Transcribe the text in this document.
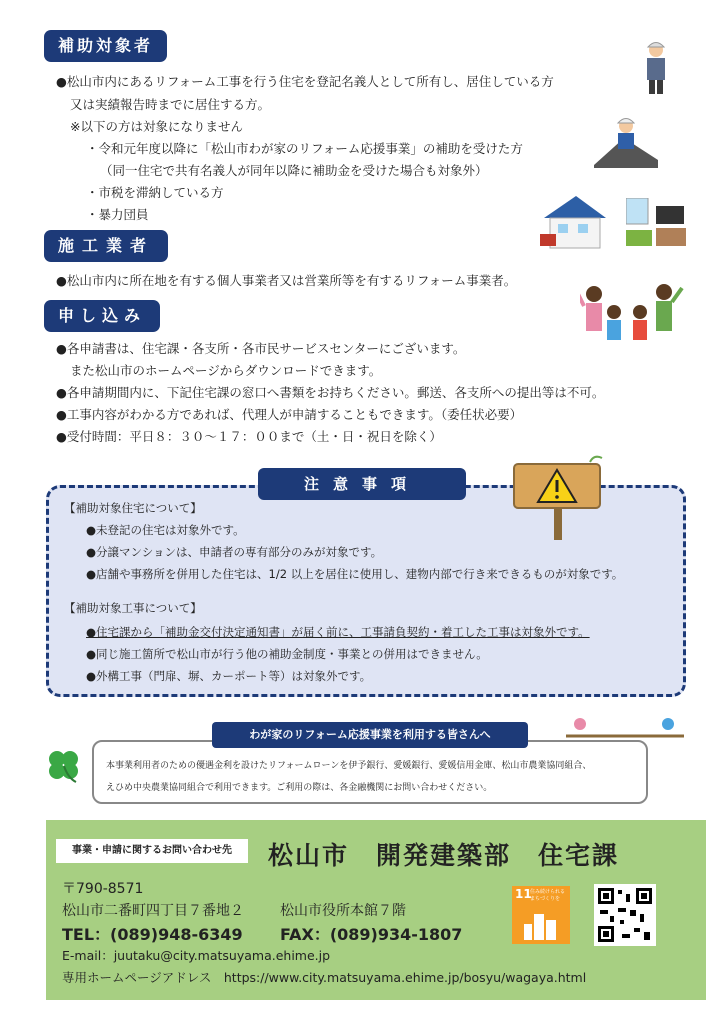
補助対象者
●松山市内にあるリフォーム工事を行う住宅を登記名義人として所有し、居住している方
又は実績報告時までに居住する方。
※以下の方は対象になりません
・令和元年度以降に「松山市わが家のリフォーム応援事業」の補助を受けた方
（同一住宅で共有名義人が同年以降に補助金を受けた場合も対象外）
・市税を滞納している方
・暴力団員
施工業者
●松山市内に所在地を有する個人事業者又は営業所等を有するリフォーム事業者。
申し込み
●各申請書は、住宅課・各支所・各市民サービスセンターにございます。
また松山市のホームページからダウンロードできます。
●各申請期間内に、下記住宅課の窓口へ書類をお持ちください。郵送、各支所への提出等は不可。
●工事内容がわかる方であれば、代理人が申請することもできます。（委任状必要）
●受付時間：平日８：３０～１７：００まで（土・日・祝日を除く）
注意事項
【補助対象住宅について】
●未登記の住宅は対象外です。
●分譲マンションは、申請者の専有部分のみが対象です。
●店舗や事務所を併用した住宅は、1/2 以上を居住に使用し、建物内部で行き来できるものが対象です。
【補助対象工事について】
●住宅課から「補助金交付決定通知書」が届く前に、工事請負契約・着工した工事は対象外です。
●同じ施工箇所で松山市が行う他の補助金制度・事業との併用はできません。
●外構工事（門扉、塀、カーポート等）は対象外です。
わが家のリフォーム応援事業を利用する皆さんへ
本事業利用者のための優遇金利を設けたリフォームローンを伊予銀行、愛媛銀行、愛媛信用金庫、松山市農業協同組合、
えひめ中央農業協同組合で利用できます。ご利用の際は、各金融機関にお問い合わせください。
事業・申請に関するお問い合わせ先	松山市　開発建築部　住宅課
〒790-8571
松山市二番町四丁目７番地２	松山市役所本館７階
TEL：(089)948-6349 FAX：(089)934-1807
E-mail：juutaku@city.matsuyama.ehime.jp
専用ホームページアドレス　https://www.city.matsuyama.ehime.jp/bosyu/wagaya.html
11
住み続けられるまちづくりを
